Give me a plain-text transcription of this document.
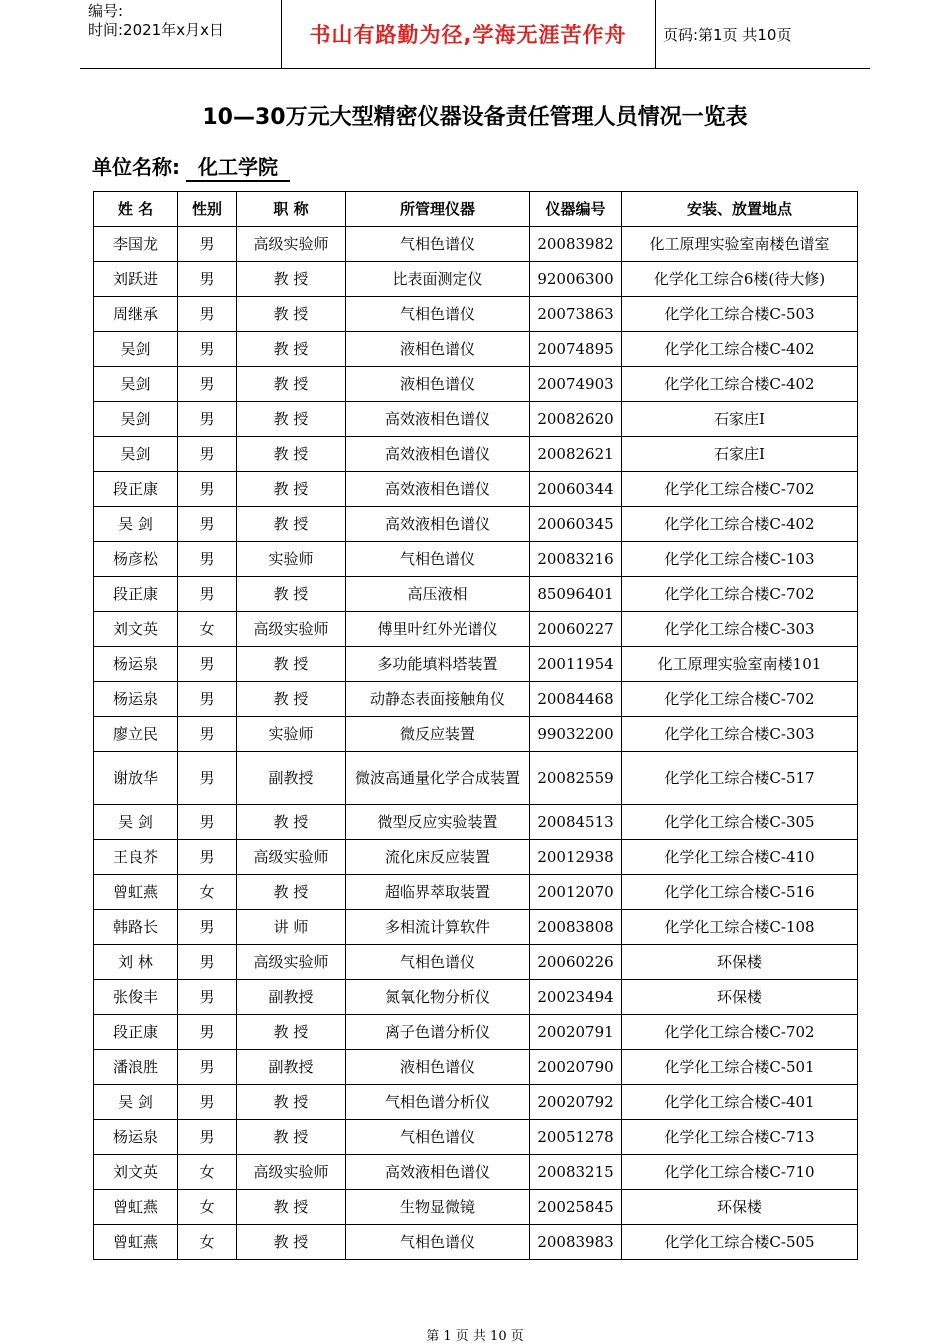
编号:
时间:2021年x月x日	书山有路勤为径,学海无涯苦作舟	页码:第1页 共10页
10—30万元大型精密仪器设备责任管理人员情况一览表
单位名称: 化工学院
姓 名	性别	职 称	所管理仪器	仪器编号	安装、放置地点
李国龙	男	高级实验师	气相色谱仪	20083982	化工原理实验室南楼色谱室
刘跃进	男	教 授	比表面测定仪	92006300	化学化工综合6楼(待大修)
周继承	男	教 授	气相色谱仪	20073863	化学化工综合楼C-503
吴剑	男	教 授	液相色谱仪	20074895	化学化工综合楼C-402
吴剑	男	教 授	液相色谱仪	20074903	化学化工综合楼C-402
吴剑	男	教 授	高效液相色谱仪	20082620	石家庄I
吴剑	男	教 授	高效液相色谱仪	20082621	石家庄I
段正康	男	教 授	高效液相色谱仪	20060344	化学化工综合楼C-702
吴 剑	男	教 授	高效液相色谱仪	20060345	化学化工综合楼C-402
杨彦松	男	实验师	气相色谱仪	20083216	化学化工综合楼C-103
段正康	男	教 授	高压液相	85096401	化学化工综合楼C-702
刘文英	女	高级实验师	傅里叶红外光谱仪	20060227	化学化工综合楼C-303
杨运泉	男	教 授	多功能填料塔装置	20011954	化工原理实验室南楼101
杨运泉	男	教 授	动静态表面接触角仪	20084468	化学化工综合楼C-702
廖立民	男	实验师	微反应装置	99032200	化学化工综合楼C-303
谢放华	男	副教授	微波高通量化学合成装置	20082559	化学化工综合楼C-517
吴 剑	男	教 授	微型反应实验装置	20084513	化学化工综合楼C-305
王良芥	男	高级实验师	流化床反应装置	20012938	化学化工综合楼C-410
曾虹燕	女	教 授	超临界萃取装置	20012070	化学化工综合楼C-516
韩路长	男	讲 师	多相流计算软件	20083808	化学化工综合楼C-108
刘 林	男	高级实验师	气相色谱仪	20060226	环保楼
张俊丰	男	副教授	氮氧化物分析仪	20023494	环保楼
段正康	男	教 授	离子色谱分析仪	20020791	化学化工综合楼C-702
潘浪胜	男	副教授	液相色谱仪	20020790	化学化工综合楼C-501
吴 剑	男	教 授	气相色谱分析仪	20020792	化学化工综合楼C-401
杨运泉	男	教 授	气相色谱仪	20051278	化学化工综合楼C-713
刘文英	女	高级实验师	高效液相色谱仪	20083215	化学化工综合楼C-710
曾虹燕	女	教 授	生物显微镜	20025845	环保楼
曾虹燕	女	教 授	气相色谱仪	20083983	化学化工综合楼C-505
第 1 页 共 10 页
